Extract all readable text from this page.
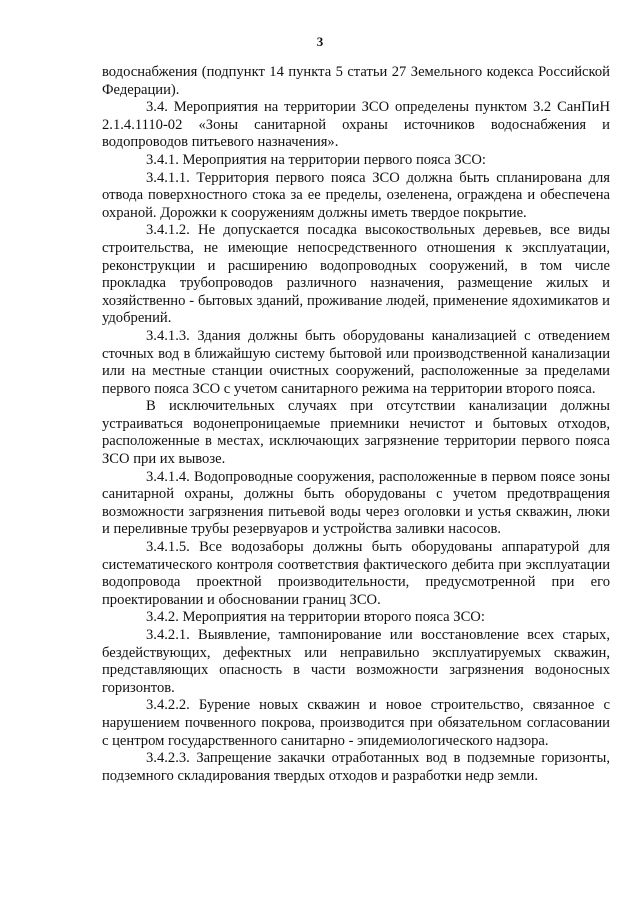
3

водоснабжения (подпункт 14 пункта 5 статьи 27 Земельного кодекса Российской Федерации).

3.4. Мероприятия на территории ЗСО определены пунктом 3.2 СанПиН 2.1.4.1110-02 «Зоны санитарной охраны источников водоснабжения и водопроводов питьевого назначения».

3.4.1. Мероприятия на территории первого пояса ЗСО:

3.4.1.1. Территория первого пояса ЗСО должна быть спланирована для отвода поверхностного стока за ее пределы, озеленена, ограждена и обеспечена охраной. Дорожки к сооружениям должны иметь твердое покрытие.

3.4.1.2. Не допускается посадка высокоствольных деревьев, все виды строительства, не имеющие непосредственного отношения к эксплуатации, реконструкции и расширению водопроводных сооружений, в том числе прокладка трубопроводов различного назначения, размещение жилых и хозяйственно - бытовых зданий, проживание людей, применение ядохимикатов и удобрений.

3.4.1.3. Здания должны быть оборудованы канализацией с отведением сточных вод в ближайшую систему бытовой или производственной канализации или на местные станции очистных сооружений, расположенные за пределами первого пояса ЗСО с учетом санитарного режима на территории второго пояса.

В исключительных случаях при отсутствии канализации должны устраиваться водонепроницаемые приемники нечистот и бытовых отходов, расположенные в местах, исключающих загрязнение территории первого пояса ЗСО при их вывозе.

3.4.1.4. Водопроводные сооружения, расположенные в первом поясе зоны санитарной охраны, должны быть оборудованы с учетом предотвращения возможности загрязнения питьевой воды через оголовки и устья скважин, люки и переливные трубы резервуаров и устройства заливки насосов.

3.4.1.5. Все водозаборы должны быть оборудованы аппаратурой для систематического контроля соответствия фактического дебита при эксплуатации водопровода проектной производительности, предусмотренной при его проектировании и обосновании границ ЗСО.

3.4.2. Мероприятия на территории второго пояса ЗСО:

3.4.2.1. Выявление, тампонирование или восстановление всех старых, бездействующих, дефектных или неправильно эксплуатируемых скважин, представляющих опасность в части возможности загрязнения водоносных горизонтов.

3.4.2.2. Бурение новых скважин и новое строительство, связанное с нарушением почвенного покрова, производится при обязательном согласовании с центром государственного санитарно - эпидемиологического надзора.

3.4.2.3. Запрещение закачки отработанных вод в подземные горизонты, подземного складирования твердых отходов и разработки недр земли.
